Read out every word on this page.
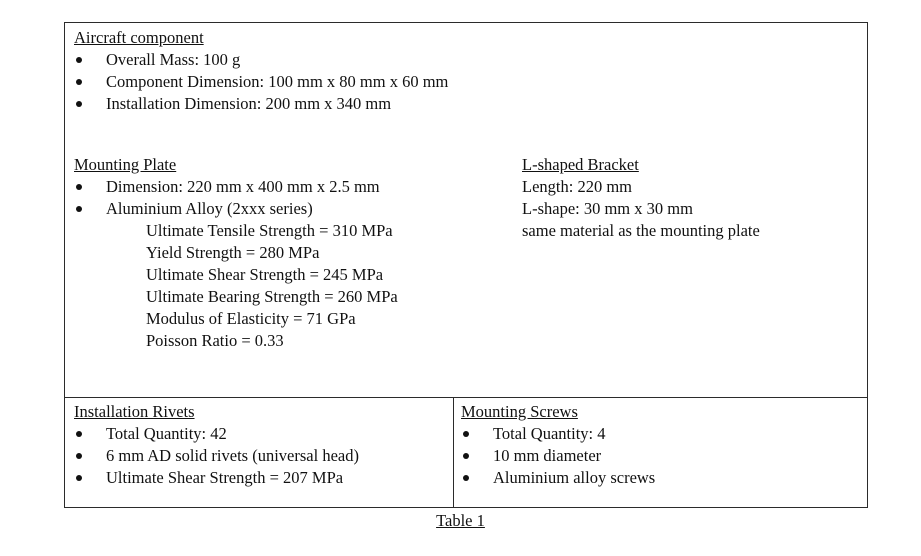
Aircraft component
Overall Mass: 100 g
Component Dimension: 100 mm x 80 mm x 60 mm
Installation Dimension: 200 mm x 340 mm
Mounting Plate
Dimension: 220 mm x 400 mm x 2.5 mm
Aluminium Alloy (2xxx series)
Ultimate Tensile Strength = 310 MPa
Yield Strength = 280 MPa
Ultimate Shear Strength = 245 MPa
Ultimate Bearing Strength = 260 MPa
Modulus of Elasticity = 71 GPa
Poisson Ratio = 0.33
L-shaped Bracket
Length: 220 mm
L-shape: 30 mm x 30 mm
same material as the mounting plate
Installation Rivets
Total Quantity: 42
6 mm AD solid rivets (universal head)
Ultimate Shear Strength = 207 MPa
Mounting Screws
Total Quantity: 4
10 mm diameter
Aluminium alloy screws
Table 1
